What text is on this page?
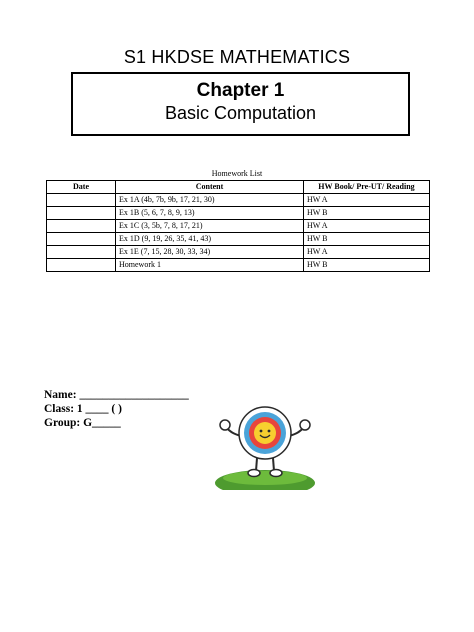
S1 HKDSE MATHEMATICS
Chapter 1
Basic Computation
Homework List
Date	Content	HW Book/ Pre-UT/ Reading
	Ex 1A (4b, 7b, 9b, 17, 21, 30)	HW A
	Ex 1B (5, 6, 7, 8, 9, 13)	HW B
	Ex 1C (3, 5b, 7, 8, 17, 21)	HW A
	Ex 1D (9, 19, 26, 35, 41, 43)	HW B
	Ex 1E (7, 15, 28, 30, 33, 34)	HW A
	Homework 1	HW B
Name: ___________________
Class: 1 ____ ( )
Group: G_____
